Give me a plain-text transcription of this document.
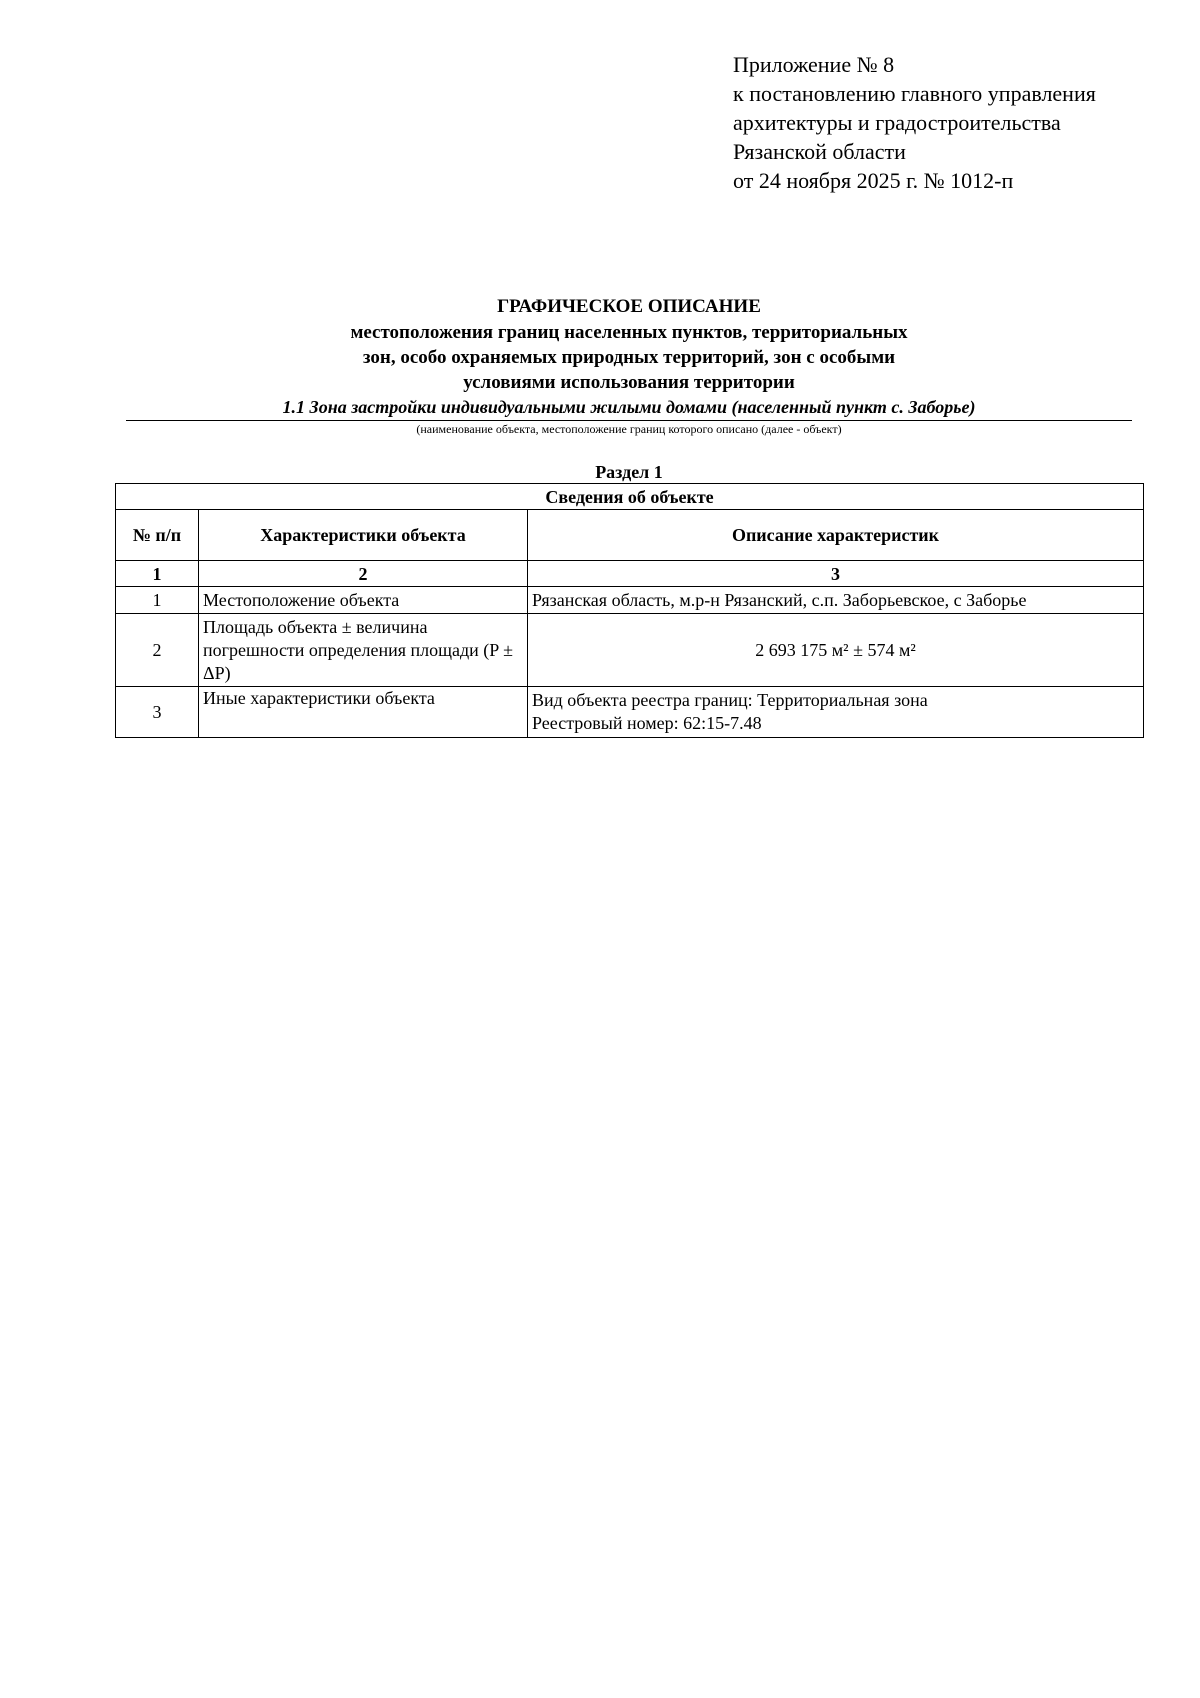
Приложение № 8
к постановлению главного управления
архитектуры и градостроительства
Рязанской области
от 24 ноября 2025 г. № 1012-п
ГРАФИЧЕСКОЕ ОПИСАНИЕ
местоположения границ населенных пунктов, территориальных
зон, особо охраняемых природных территорий, зон с особыми
условиями использования территории
1.1 Зона застройки индивидуальными жилыми домами (населенный пункт с. Заборье)
(наименование объекта, местоположение границ которого описано (далее - объект)
Раздел 1
Сведения об объекте		
№ п/п	Характеристики объекта	Описание характеристик
1	2	3
1	Местоположение объекта	Рязанская область, м.р-н Рязанский, с.п. Заборьевское, с Заборье

2	Площадь объекта ± величина погрешности определения площади (P ± ΔP)	2 693 175 м² ± 574 м²

3	Иные характеристики объекта	Вид объекта реестра границ: Территориальная зона
Реестровый номер: 62:15-7.48
